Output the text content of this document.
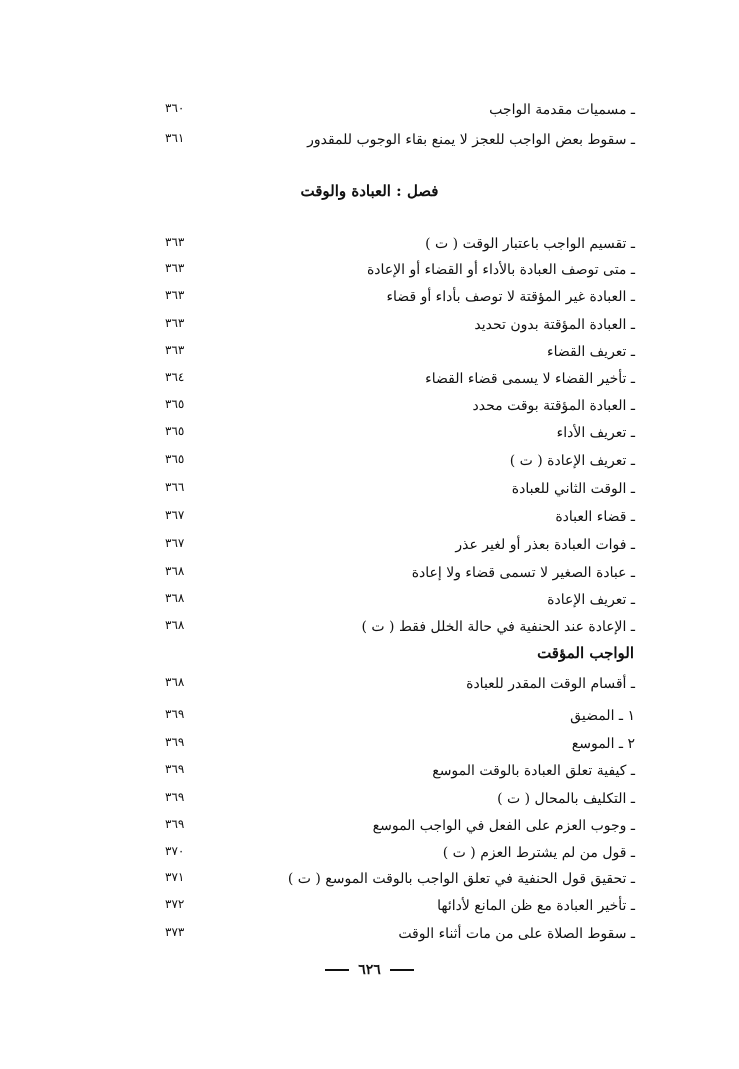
ـ مسميات مقدمة الواجب
٣٦٠
ـ سقوط بعض الواجب للعجز لا يمنع بقاء الوجوب للمقدور
٣٦١
فصل : العبادة والوقت
ـ تقسيم الواجب باعتبار الوقت ( ت )
٣٦٣
ـ متى توصف العبادة بالأداء أو القضاء أو الإعادة
٣٦٣
ـ العبادة غير المؤقتة لا توصف بأداء أو قضاء
٣٦٣
ـ العبادة المؤقتة بدون تحديد
٣٦٣
ـ تعريف القضاء
٣٦٣
ـ تأخير القضاء لا يسمى قضاء القضاء
٣٦٤
ـ العبادة المؤقتة بوقت محدد
٣٦٥
ـ تعريف الأداء
٣٦٥
ـ تعريف الإعادة ( ت )
٣٦٥
ـ الوقت الثاني للعبادة
٣٦٦
ـ قضاء العبادة
٣٦٧
ـ فوات العبادة بعذر أو لغير عذر
٣٦٧
ـ عبادة الصغير لا تسمى قضاء ولا إعادة
٣٦٨
ـ تعريف الإعادة
٣٦٨
ـ الإعادة عند الحنفية في حالة الخلل فقط ( ت )
٣٦٨
الواجب المؤقت
ـ أقسام الوقت المقدر للعبادة
٣٦٨
١ ـ المضيق
٣٦٩
٢ ـ الموسع
٣٦٩
ـ كيفية تعلق العبادة بالوقت الموسع
٣٦٩
ـ التكليف بالمحال ( ت )
٣٦٩
ـ وجوب العزم على الفعل في الواجب الموسع
٣٦٩
ـ قول من لم يشترط العزم ( ت )
٣٧٠
ـ تحقيق قول الحنفية في تعلق الواجب بالوقت الموسع ( ت )
٣٧١
ـ تأخير العبادة مع ظن المانع لأدائها
٣٧٢
ـ سقوط الصلاة على من مات أثناء الوقت
٣٧٣
٦٢٦
